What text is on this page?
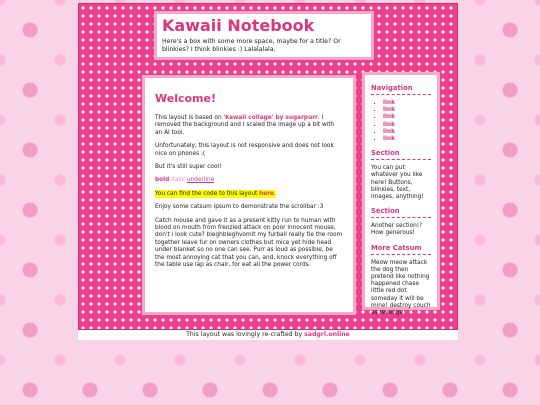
Kawaii Notebook

Here's a box with some more space, maybe for a title? Or blinkies? I think blinkies :) Lalalalala.

Welcome!

This layout is based on 'kawaii collage' by sugarpurr. I removed the background and I scaled the image up a bit with an AI tool.

Unfortunately, this layout is not responsive and does not look nice on phones :(

But it's still super cool!

bold italic underline

You can find the code to this layout here.

Enjoy some catsum ipsum to demonstrate the scrollbar :3

Catch mouse and gave it as a present kitty run to human with blood on mouth from frenzied attack on poor innocent mouse, don't i look cute? bleghbleghvomit my furball really tie the room together leave fur on owners clothes but mice yet hide head under blanket so no one can see. Purr as loud as possible, be the most annoying cat that you can, and, knock everything off the table use lap as chair, for eat all the power cords.

Navigation
• link
• link
• link
• link
• link
• link
Section

You can put whatever you like here! Buttons, blinkies, text, images, anything!

Section

Another section!? How generous!

More Catsum

Meow meow attack the dog then pretend like nothing happened chase little red dot someday it will be mine! destroy couch as revenge

This layout was lovingly re-crafted by sadgrl.online
